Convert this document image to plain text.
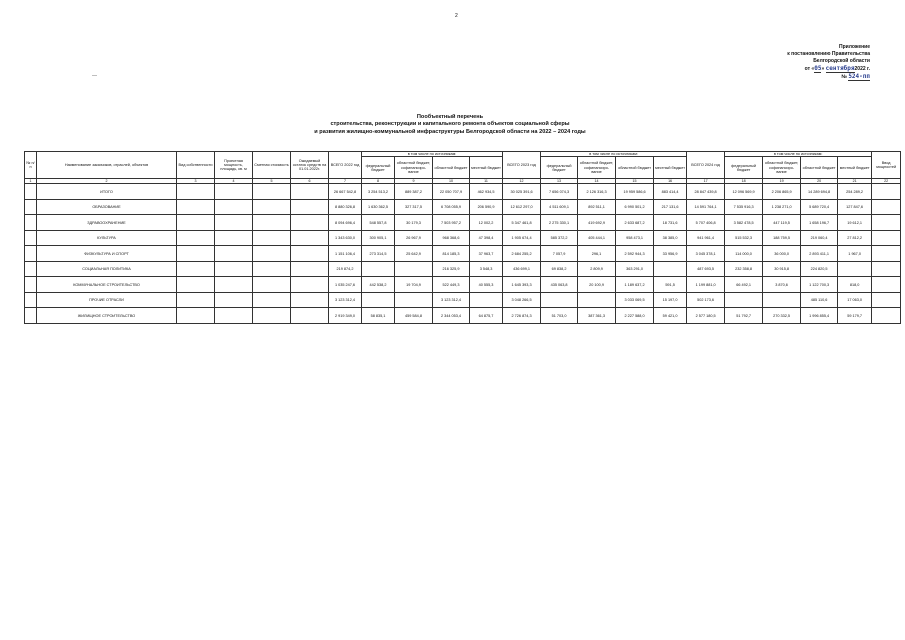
2
—
Приложение
к постановлению Правительства
Белгородской области
от «05» сентября2022 г.
№ 524-пп
Пообъектный перечень
строительства, реконструкции и капитального ремонта объектов социальной сферы
и развития жилищно-коммунальной инфраструктуры Белгородской области на 2022 – 2024 годы
№ п/п	Наименование заказчиков, отраслей, объектов	Вид собственности	Проектная мощность, площадь, кв. м	Сметная стоимость	Ожидаемый остаток средств на 01.01.2022г.	ВСЕГО 2022 год	в том числе по источникам:				ВСЕГО 2023 год	в том числе по источникам:				ВСЕГО 2024 год	в том числе по источникам:				Ввод мощностей
							федеральный бюджет	областной бюджет, софинансиро-вание	областной бюджет	местный бюджет		федеральный бюджет	областной бюджет, софинансиро-вание	областной бюджет	местный бюджет		федеральный бюджет	областной бюджет, софинансиро-вание	областной бюджет	местный бюджет	
1	2	3	4	5	6	7	8	9	10	11	12	13	14	15	16	17	18	19	20	21	22
	ИТОГО					26 667 542,8	3 254 513,2	889 387,2	22 050 707,9	462 934,5	30 025 391,6	7 656 074,3	2 126 316,3	19 959 586,6	883 414,4	28 847 439,8	12 096 569,9	2 206 865,9	14 289 694,8	254 289,2	
	ОБРАЗОВАНИЕ					8 880 326,8	1 630 362,5	327 317,5	6 708 055,9	206 590,9	12 612 297,0	4 511 609,1	892 511,1	6 990 501,2	217 131,6	14 591 764,1	7 535 916,3	1 238 271,0	5 689 720,4	127 847,6	
	ЗДРАВООХРАНЕНИЕ					8 094 696,4	548 557,8	30 179,3	7 503 957,2	12 002,2	5 347 461,8	2 275 330,1	419 692,9	2 633 687,2	18 731,6	5 707 406,8	3 582 478,5	447 119,5	1 658 196,7	19 612,1	
	КУЛЬТУРА					1 343 630,0	300 905,1	26 967,9	968 368,6	47 398,4	1 905 674,4	585 372,2	405 444,1	958 473,1	38 385,0	941 961,4	515 532,3	188 759,5	219 060,4	27 812,2	
	ФИЗКУЛЬТУРА И СПОРТ					1 151 106,4	273 314,5	25 642,9	814 185,3	37 963,7	2 684 255,2	7 057,9	296,1	2 592 944,3	33 956,9	3 045 378,1	114 000,0	36 000,0	2 893 411,1	1 967,0	
	СОЦИАЛЬНАЯ ПОЛИТИКА					219 874,2			216 325,9	3 548,3	436 699,1	69 838,2	2 809,9	363 291,0		487 693,5	232 358,8	30 915,8	224 820,5		
	КОММУНАЛЬНОЕ СТРОИТЕЛЬСТВО					1 035 247,6	442 538,2	19 704,9	522 449,3	40 555,3	1 645 393,3	435 063,8	20 100,9	1 189 637,2	591,5	1 199 881,0	66 492,1	3 870,6	1 122 700,3	818,0	
	ПРОЧИЕ ОТРАСЛИ					3 123 312,4			3 123 312,4		3 048 266,5			3 033 069,5	15 197,0	502 173,6			485 110,6	17 063,0	
	ЖИЛИЩНОЕ СТРОИТЕЛЬСТВО					2 919 349,0	58 835,1	459 584,8	2 344 053,4	64 875,7	2 726 874,3	51 703,0	387 361,3	2 227 588,0	59 421,0	2 577 180,5	51 792,7	270 332,5	1 996 855,4	59 179,7	
